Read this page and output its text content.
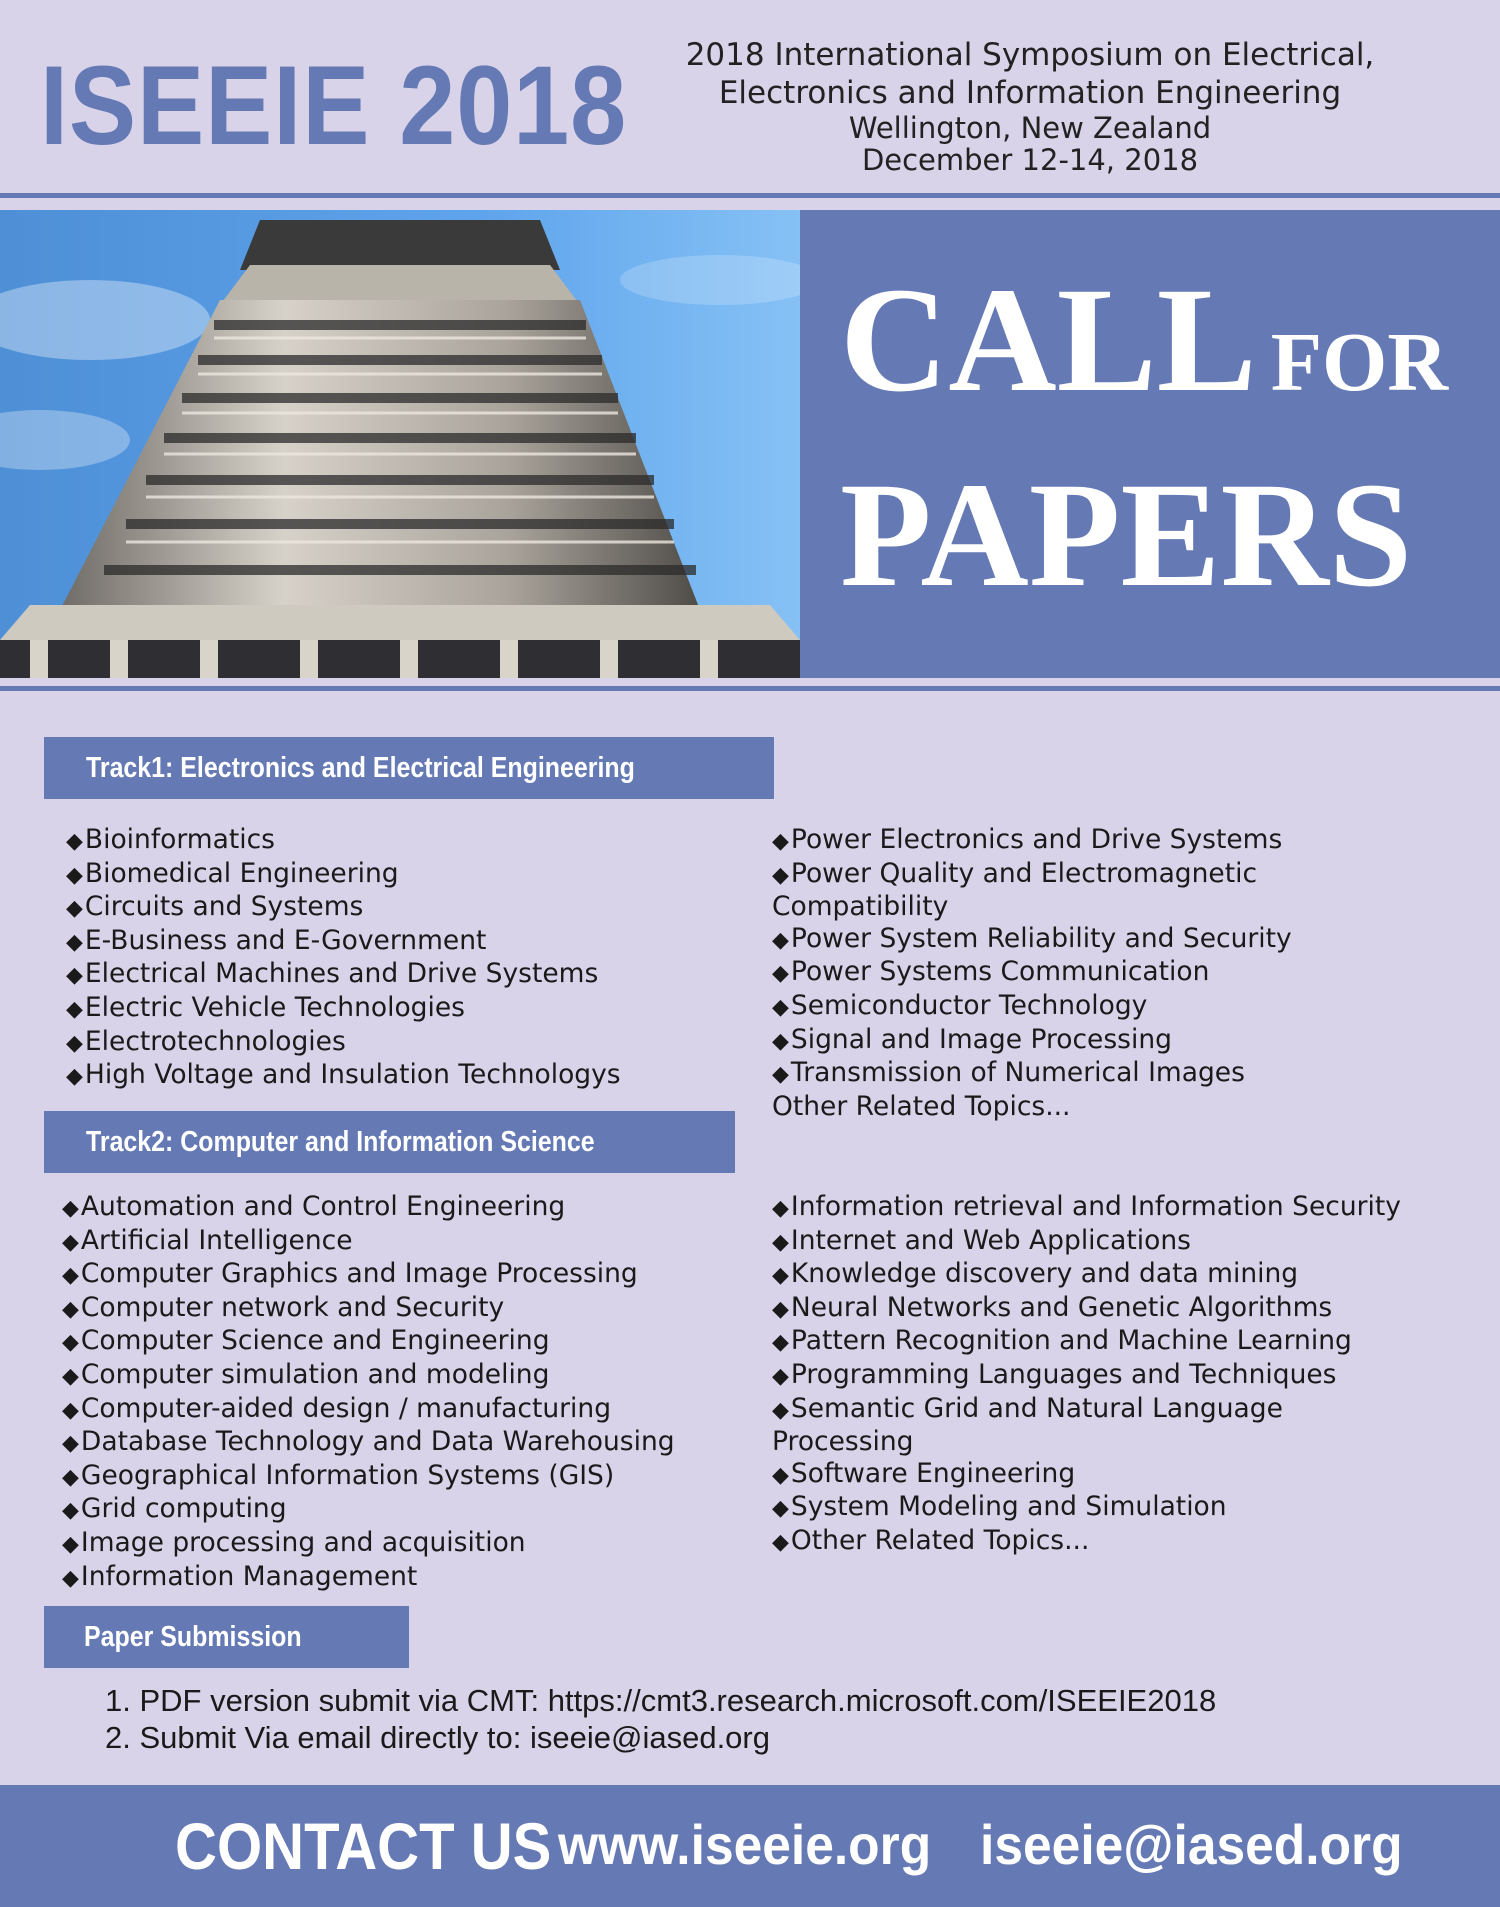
ISEEIE 2018	2018 International Symposium on Electrical,
Electronics and Information Engineering
Wellington, New Zealand
December 12-14, 2018
CALL FOR
PAPERS
Track1: Electronics and Electrical Engineering
◆Bioinformatics
◆Biomedical Engineering
◆Circuits and Systems
◆E-Business and E-Government
◆Electrical Machines and Drive Systems
◆Electric Vehicle Technologies
◆Electrotechnologies
◆High Voltage and Insulation Technologys
◆Power Electronics and Drive Systems
◆Power Quality and Electromagnetic Compatibility
◆Power System Reliability and Security
◆Power Systems Communication
◆Semiconductor Technology
◆Signal and Image Processing
◆Transmission of Numerical Images
Other Related Topics...
Track2: Computer and Information Science
◆Automation and Control Engineering
◆Artificial Intelligence
◆Computer Graphics and Image Processing
◆Computer network and Security
◆Computer Science and Engineering
◆Computer simulation and modeling
◆Computer-aided design / manufacturing
◆Database Technology and Data Warehousing
◆Geographical Information Systems (GIS)
◆Grid computing
◆Image processing and acquisition
◆Information Management
◆Information retrieval and Information Security
◆Internet and Web Applications
◆Knowledge discovery and data mining
◆Neural Networks and Genetic Algorithms
◆Pattern Recognition and Machine Learning
◆Programming Languages and Techniques
◆Semantic Grid and Natural Language Processing
◆Software Engineering
◆System Modeling and Simulation
◆Other Related Topics...
Paper Submission
1. PDF version submit via CMT: https://cmt3.research.microsoft.com/ISEEIE2018
2. Submit Via email directly to: iseeie@iased.org
CONTACT US www.iseeie.org iseeie@iased.org
